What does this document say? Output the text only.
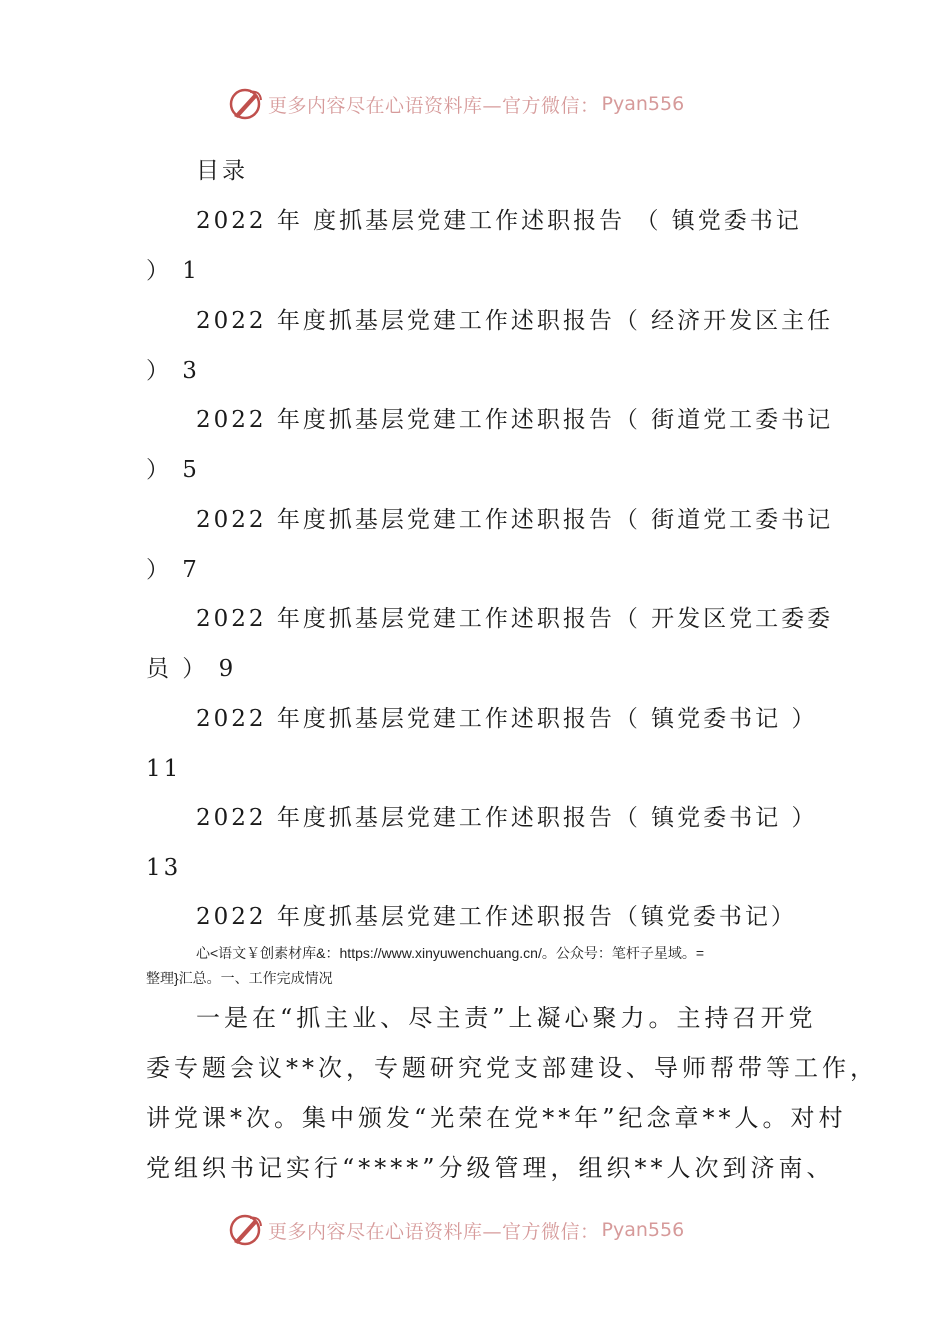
更多内容尽在心语资料库—官方微信： Pyan556
目录
2022 年 度抓基层党建工作述职报告 （ 镇党委书记
） 1
2022 年度抓基层党建工作述职报告（ 经济开发区主任
） 3
2022 年度抓基层党建工作述职报告（ 街道党工委书记
） 5
2022 年度抓基层党建工作述职报告（ 街道党工委书记
） 7
2022 年度抓基层党建工作述职报告（ 开发区党工委委
员 ） 9
2022 年度抓基层党建工作述职报告（ 镇党委书记 ）
11
2022 年度抓基层党建工作述职报告（ 镇党委书记 ）
13
2022 年度抓基层党建工作述职报告（镇党委书记）
心<语文￥创素材库&：https://www.xinyuwenchuang.cn/。公众号：笔杆子星域。=
整理}汇总。一、工作完成情况
一是在“抓主业、尽主责”上凝心聚力。主持召开党
委专题会议**次，专题研究党支部建设、导师帮带等工作，
讲党课*次。集中颁发“光荣在党**年”纪念章**人。对村
党组织书记实行“****”分级管理，组织**人次到济南、
更多内容尽在心语资料库—官方微信： Pyan556
